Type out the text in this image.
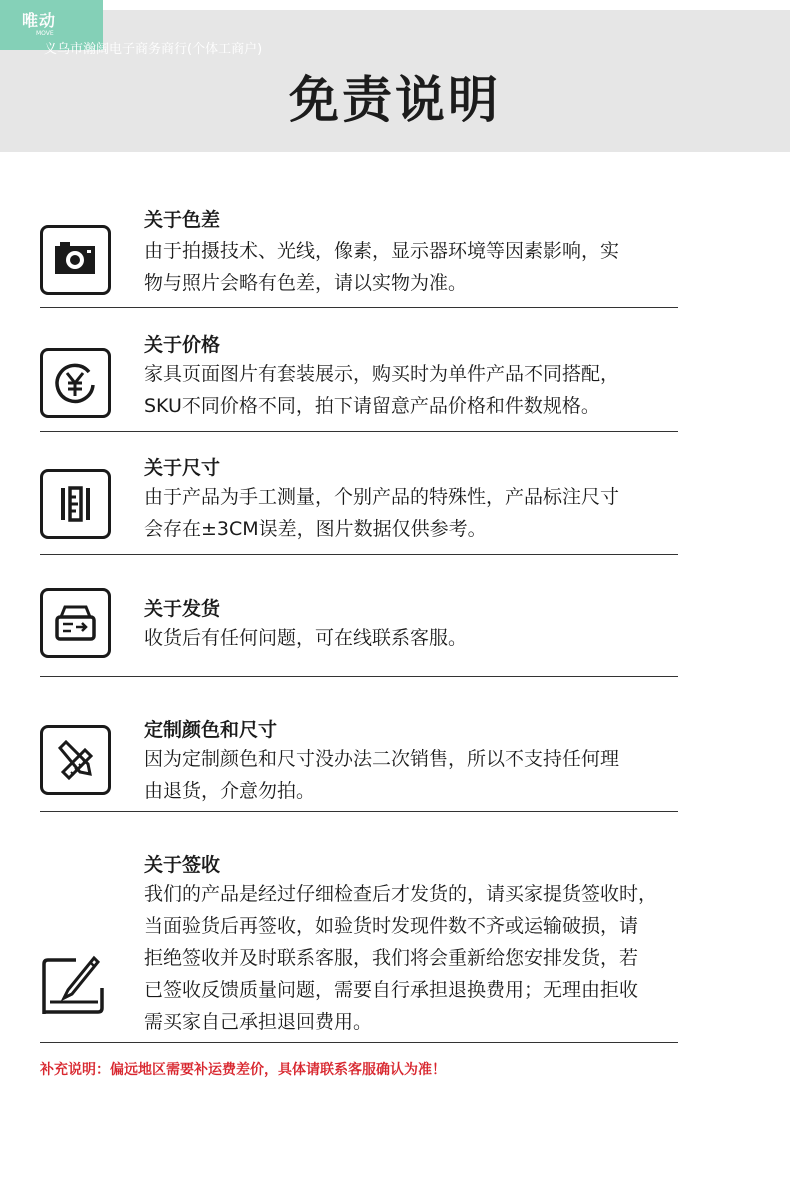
免责说明
唯动
MOVE
义乌市瀚阔电子商务商行(个体工商户)
关于色差
由于拍摄技术、光线，像素，显示器环境等因素影响，实
物与照片会略有色差，请以实物为准。
关于价格
家具页面图片有套装展示，购买时为单件产品不同搭配，
SKU不同价格不同，拍下请留意产品价格和件数规格。
关于尺寸
由于产品为手工测量，个别产品的特殊性，产品标注尺寸
会存在±3CM误差，图片数据仅供参考。
关于发货
收货后有任何问题，可在线联系客服。
定制颜色和尺寸
因为定制颜色和尺寸没办法二次销售，所以不支持任何理
由退货，介意勿拍。
关于签收
我们的产品是经过仔细检查后才发货的，请买家提货签收时，
当面验货后再签收，如验货时发现件数不齐或运输破损，请
拒绝签收并及时联系客服，我们将会重新给您安排发货，若
已签收反馈质量问题，需要自行承担退换费用；无理由拒收
需买家自己承担退回费用。
补充说明：偏远地区需要补运费差价，具体请联系客服确认为准！
